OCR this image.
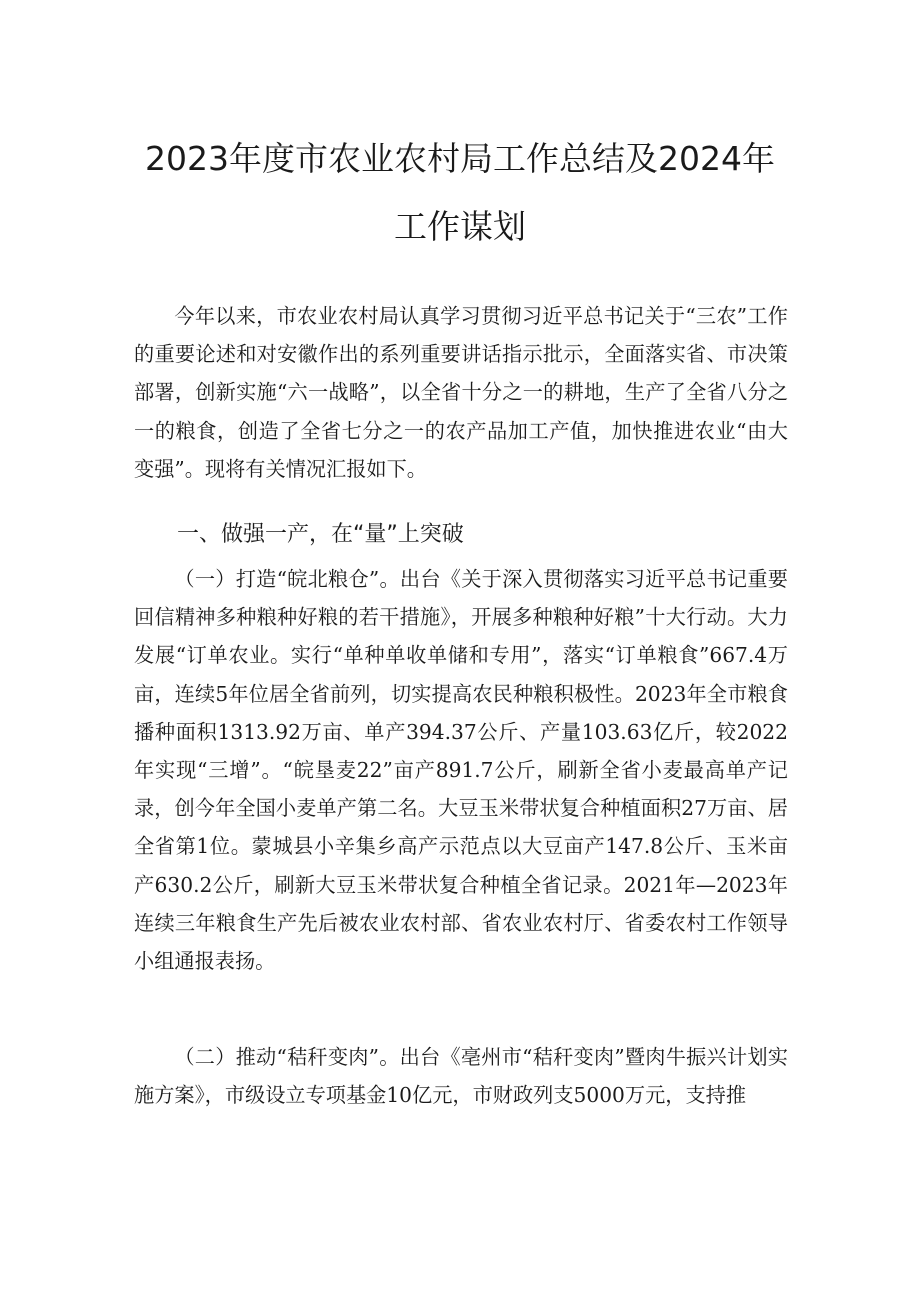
2023年度市农业农村局工作总结及2024年
工作谋划

今年以来，市农业农村局认真学习贯彻习近平总书记关于“三农”工作的重要论述和对安徽作出的系列重要讲话指示批示，全面落实省、市决策部署，创新实施“六一战略”，以全省十分之一的耕地，生产了全省八分之一的粮食，创造了全省七分之一的农产品加工产值，加快推进农业“由大变强”。现将有关情况汇报如下。

一、做强一产，在“量”上突破

（一）打造“皖北粮仓”。出台《关于深入贯彻落实习近平总书记重要回信精神多种粮种好粮的若干措施》，开展多种粮种好粮”十大行动。大力发展“订单农业。实行“单种单收单储和专用”，落实“订单粮食”667.4万亩，连续5年位居全省前列，切实提高农民种粮积极性。2023年全市粮食播种面积1313.92万亩、单产394.37公斤、产量103.63亿斤，较2022年实现“三增”。“皖垦麦22”亩产891.7公斤，刷新全省小麦最高单产记录，创今年全国小麦单产第二名。大豆玉米带状复合种植面积27万亩、居全省第1位。蒙城县小辛集乡高产示范点以大豆亩产147.8公斤、玉米亩产630.2公斤，刷新大豆玉米带状复合种植全省记录。2021年—2023年连续三年粮食生产先后被农业农村部、省农业农村厅、省委农村工作领导小组通报表扬。

（二）推动“秸秆变肉”。出台《亳州市“秸秆变肉”暨肉牛振兴计划实施方案》，市级设立专项基金10亿元，市财政列支5000万元，支持推
